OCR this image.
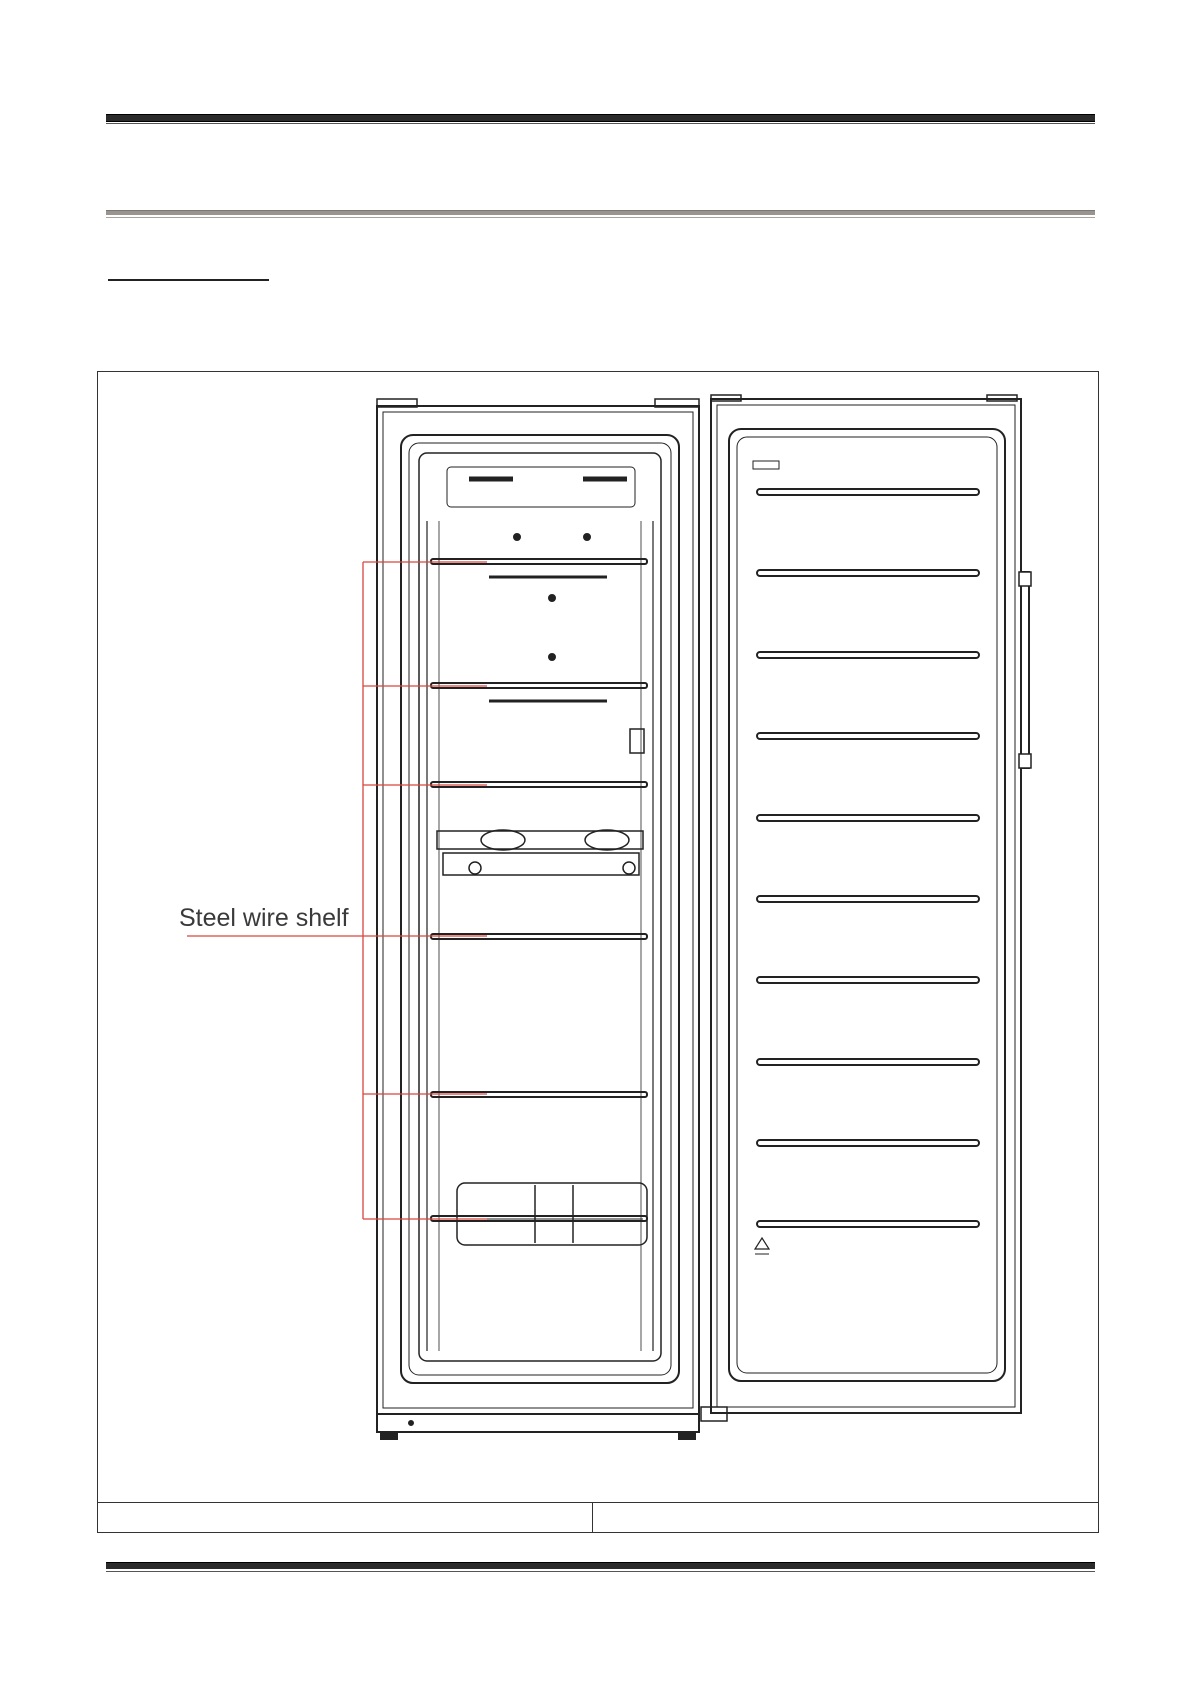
Steel wire shelf
